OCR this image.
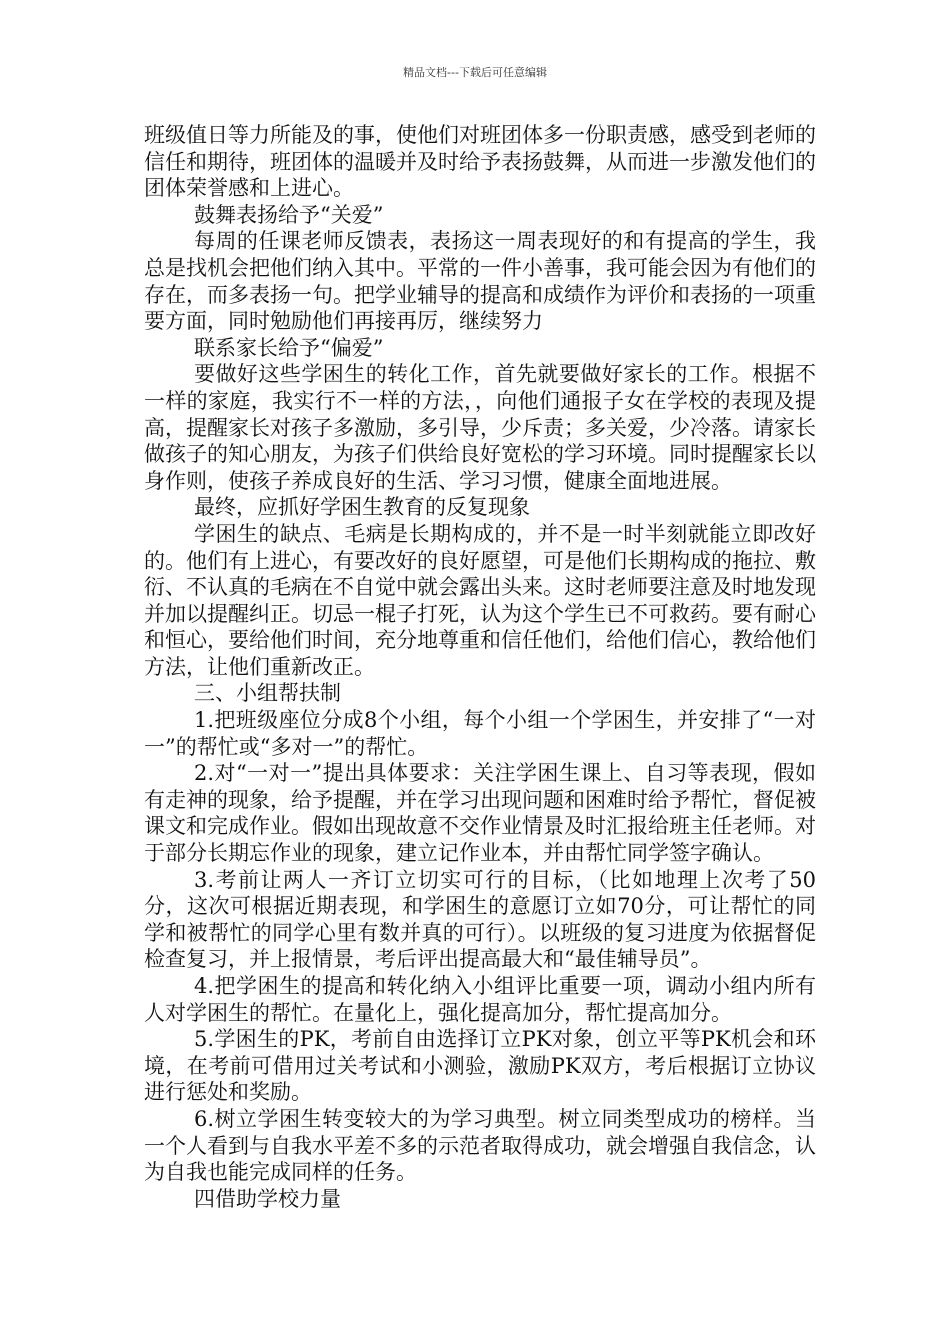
精品文档---下载后可任意编辑

班级值日等力所能及的事，使他们对班团体多一份职责感，感受到老师的信任和期待，班团体的温暖并及时给予表扬鼓舞，从而进一步激发他们的团体荣誉感和上进心。

鼓舞表扬给予“关爱”

每周的任课老师反馈表，表扬这一周表现好的和有提高的学生，我总是找机会把他们纳入其中。平常的一件小善事，我可能会因为有他们的存在，而多表扬一句。把学业辅导的提高和成绩作为评价和表扬的一项重要方面，同时勉励他们再接再厉，继续努力

联系家长给予“偏爱”

要做好这些学困生的转化工作，首先就要做好家长的工作。根据不一样的家庭，我实行不一样的方法，，向他们通报子女在学校的表现及提高，提醒家长对孩子多激励，多引导，少斥责；多关爱，少冷落。请家长做孩子的知心朋友，为孩子们供给良好宽松的学习环境。同时提醒家长以身作则，使孩子养成良好的生活、学习习惯，健康全面地进展。

最终，应抓好学困生教育的反复现象

学困生的缺点、毛病是长期构成的，并不是一时半刻就能立即改好的。他们有上进心，有要改好的良好愿望，可是他们长期构成的拖拉、敷衍、不认真的毛病在不自觉中就会露出头来。这时老师要注意及时地发现并加以提醒纠正。切忌一棍子打死，认为这个学生已不可救药。要有耐心和恒心，要给他们时间，充分地尊重和信任他们，给他们信心，教给他们方法，让他们重新改正。

三、小组帮扶制

1.把班级座位分成8个小组，每个小组一个学困生，并安排了“一对一”的帮忙或“多对一”的帮忙。

2.对“一对一”提出具体要求：关注学困生课上、自习等表现，假如有走神的现象，给予提醒，并在学习出现问题和困难时给予帮忙，督促被课文和完成作业。假如出现故意不交作业情景及时汇报给班主任老师。对于部分长期忘作业的现象，建立记作业本，并由帮忙同学签字确认。

3.考前让两人一齐订立切实可行的目标，（比如地理上次考了50分，这次可根据近期表现，和学困生的意愿订立如70分，可让帮忙的同学和被帮忙的同学心里有数并真的可行）。以班级的复习进度为依据督促检查复习，并上报情景，考后评出提高最大和“最佳辅导员”。

4.把学困生的提高和转化纳入小组评比重要一项，调动小组内所有人对学困生的帮忙。在量化上，强化提高加分，帮忙提高加分。

5.学困生的PK，考前自由选择订立PK对象，创立平等PK机会和环境，在考前可借用过关考试和小测验，激励PK双方，考后根据订立协议进行惩处和奖励。

6.树立学困生转变较大的为学习典型。树立同类型成功的榜样。当一个人看到与自我水平差不多的示范者取得成功，就会增强自我信念，认为自我也能完成同样的任务。

四借助学校力量
